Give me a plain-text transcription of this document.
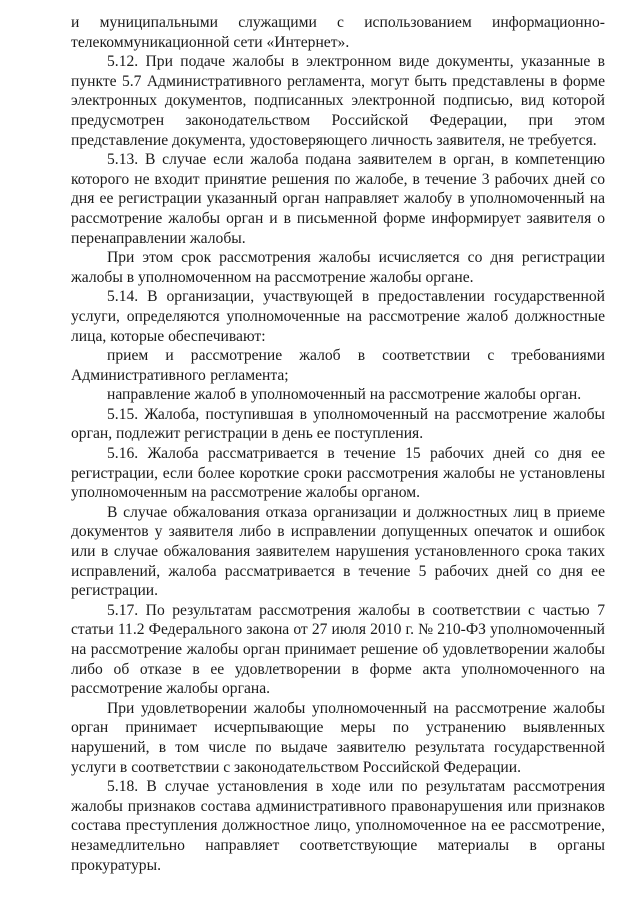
и муниципальными служащими с использованием информационно-телекоммуникационной сети «Интернет».

5.12. При подаче жалобы в электронном виде документы, указанные в пункте 5.7 Административного регламента, могут быть представлены в форме электронных документов, подписанных электронной подписью, вид которой предусмотрен законодательством Российской Федерации, при этом представление документа, удостоверяющего личность заявителя, не требуется.

5.13. В случае если жалоба подана заявителем в орган, в компетенцию которого не входит принятие решения по жалобе, в течение 3 рабочих дней со дня ее регистрации указанный орган направляет жалобу в уполномоченный на рассмотрение жалобы орган и в письменной форме информирует заявителя о перенаправлении жалобы.

При этом срок рассмотрения жалобы исчисляется со дня регистрации жалобы в уполномоченном на рассмотрение жалобы органе.

5.14. В организации, участвующей в предоставлении государственной услуги, определяются уполномоченные на рассмотрение жалоб должностные лица, которые обеспечивают:

прием и рассмотрение жалоб в соответствии с требованиями Административного регламента;

направление жалоб в уполномоченный на рассмотрение жалобы орган.

5.15. Жалоба, поступившая в уполномоченный на рассмотрение жалобы орган, подлежит регистрации в день ее поступления.

5.16. Жалоба рассматривается в течение 15 рабочих дней со дня ее регистрации, если более короткие сроки рассмотрения жалобы не установлены уполномоченным на рассмотрение жалобы органом.

В случае обжалования отказа организации и должностных лиц в приеме документов у заявителя либо в исправлении допущенных опечаток и ошибок или в случае обжалования заявителем нарушения установленного срока таких исправлений, жалоба рассматривается в течение 5 рабочих дней со дня ее регистрации.

5.17. По результатам рассмотрения жалобы в соответствии с частью 7 статьи 11.2 Федерального закона от 27 июля 2010 г. № 210-ФЗ уполномоченный на рассмотрение жалобы орган принимает решение об удовлетворении жалобы либо об отказе в ее удовлетворении в форме акта уполномоченного на рассмотрение жалобы органа.

При удовлетворении жалобы уполномоченный на рассмотрение жалобы орган принимает исчерпывающие меры по устранению выявленных нарушений, в том числе по выдаче заявителю результата государственной услуги в соответствии с законодательством Российской Федерации.

5.18. В случае установления в ходе или по результатам рассмотрения жалобы признаков состава административного правонарушения или признаков состава преступления должностное лицо, уполномоченное на ее рассмотрение, незамедлительно направляет соответствующие материалы в органы прокуратуры.
